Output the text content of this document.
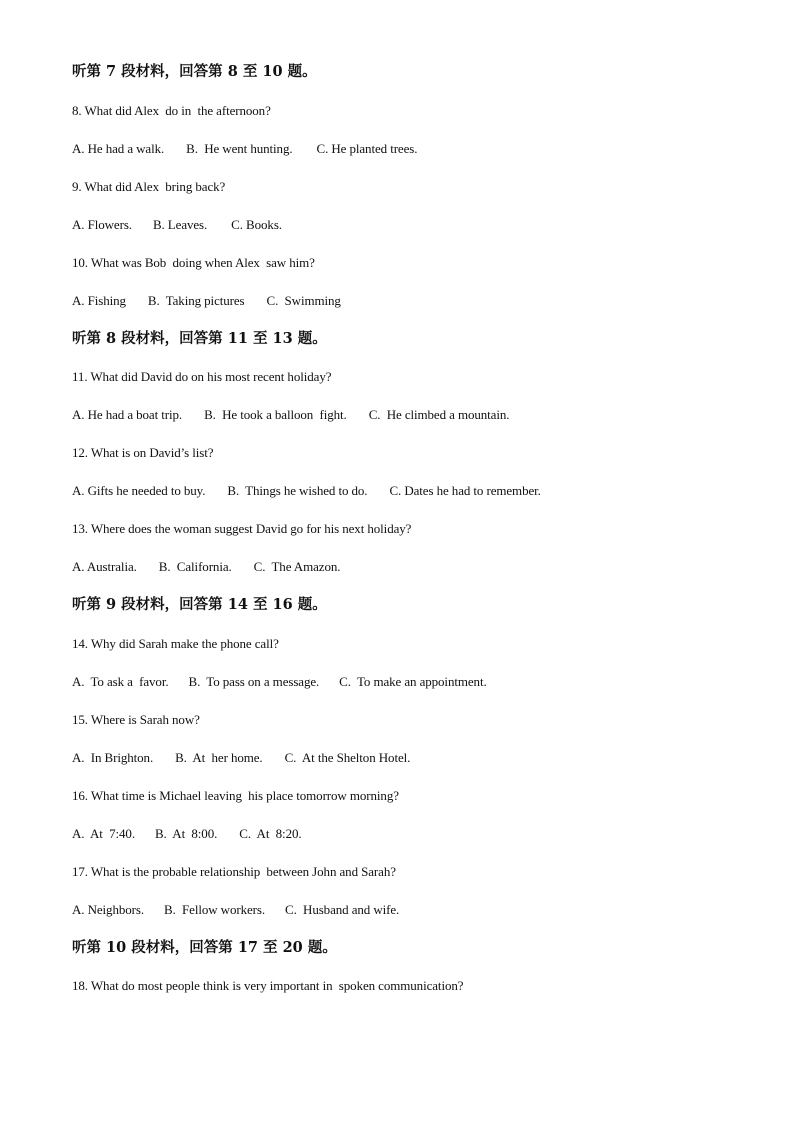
听第 7 段材料，回答第 8 至 10 题。
8. What did Alex  do in  the afternoon?
A. He had a walk. B.  He went hunting. C. He planted trees.
9. What did Alex  bring back?
A. Flowers. B. Leaves. C. Books.
10. What was Bob  doing when Alex  saw him?
A. Fishing B.  Taking pictures C.  Swimming
听第 8 段材料，回答第 11 至 13 题。
11. What did David do on his most recent holiday?
A. He had a boat trip. B.  He took a balloon  fight. C.  He climbed a mountain.
12. What is on David’s list?
A. Gifts he needed to buy. B.  Things he wished to do. C. Dates he had to remember.
13. Where does the woman suggest David go for his next holiday?
A. Australia. B.  California. C.  The Amazon.
听第 9 段材料，回答第 14 至 16 题。
14. Why did Sarah make the phone call?
A.  To ask a  favor. B.  To pass on a message. C.  To make an appointment.
15. Where is Sarah now?
A.  In Brighton. B.  At  her home. C.  At the Shelton Hotel.
16. What time is Michael leaving  his place tomorrow morning?
A.  At  7:40. B.  At  8:00. C.  At  8:20.
17. What is the probable relationship  between John and Sarah?
A. Neighbors. B.  Fellow workers. C.  Husband and wife.
听第 10 段材料，回答第 17 至 20 题。
18. What do most people think is very important in  spoken communication?
